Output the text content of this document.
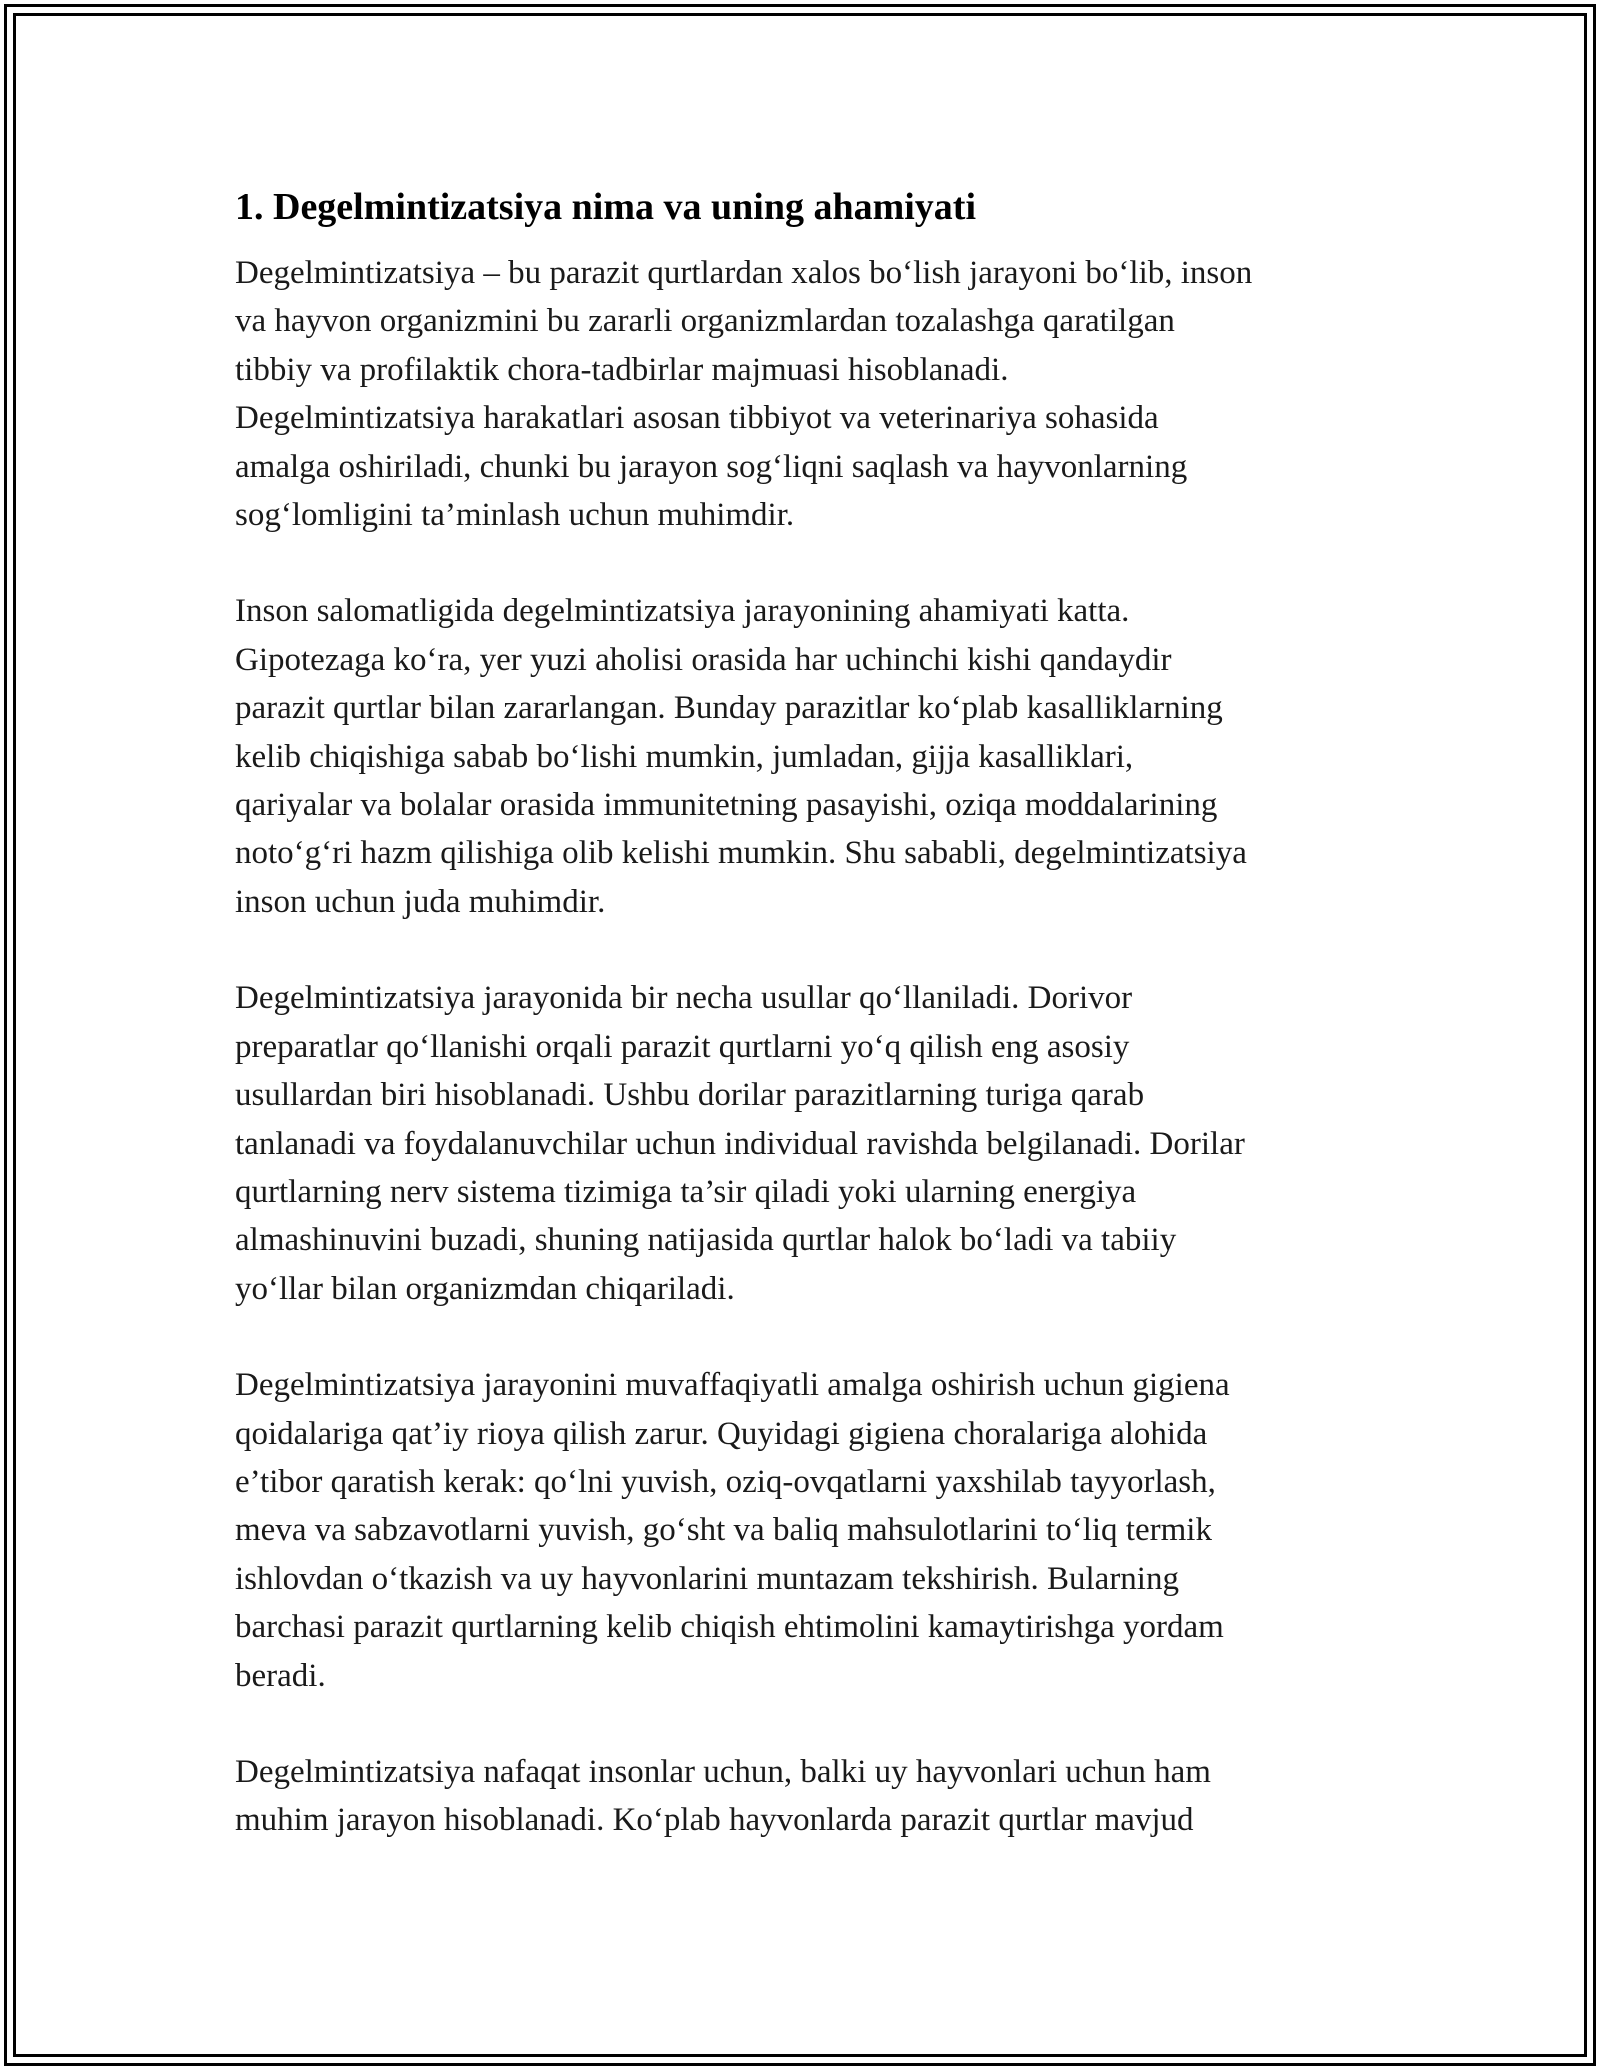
1. Degelmintizatsiya nima va uning ahamiyati
Degelmintizatsiya – bu parazit qurtlardan xalos bo‘lish jarayoni bo‘lib, inson
va hayvon organizmini bu zararli organizmlardan tozalashga qaratilgan
tibbiy va profilaktik chora-tadbirlar majmuasi hisoblanadi.
Degelmintizatsiya harakatlari asosan tibbiyot va veterinariya sohasida
amalga oshiriladi, chunki bu jarayon sog‘liqni saqlash va hayvonlarning
sog‘lomligini ta’minlash uchun muhimdir.
Inson salomatligida degelmintizatsiya jarayonining ahamiyati katta.
Gipotezaga ko‘ra, yer yuzi aholisi orasida har uchinchi kishi qandaydir
parazit qurtlar bilan zararlangan. Bunday parazitlar ko‘plab kasalliklarning
kelib chiqishiga sabab bo‘lishi mumkin, jumladan, gijja kasalliklari,
qariyalar va bolalar orasida immunitetning pasayishi, oziqa moddalarining
noto‘g‘ri hazm qilishiga olib kelishi mumkin. Shu sababli, degelmintizatsiya
inson uchun juda muhimdir.
Degelmintizatsiya jarayonida bir necha usullar qo‘llaniladi. Dorivor
preparatlar qo‘llanishi orqali parazit qurtlarni yo‘q qilish eng asosiy
usullardan biri hisoblanadi. Ushbu dorilar parazitlarning turiga qarab
tanlanadi va foydalanuvchilar uchun individual ravishda belgilanadi. Dorilar
qurtlarning nerv sistema tizimiga ta’sir qiladi yoki ularning energiya
almashinuvini buzadi, shuning natijasida qurtlar halok bo‘ladi va tabiiy
yo‘llar bilan organizmdan chiqariladi.
Degelmintizatsiya jarayonini muvaffaqiyatli amalga oshirish uchun gigiena
qoidalariga qat’iy rioya qilish zarur. Quyidagi gigiena choralariga alohida
e’tibor qaratish kerak: qo‘lni yuvish, oziq-ovqatlarni yaxshilab tayyorlash,
meva va sabzavotlarni yuvish, go‘sht va baliq mahsulotlarini to‘liq termik
ishlovdan o‘tkazish va uy hayvonlarini muntazam tekshirish. Bularning
barchasi parazit qurtlarning kelib chiqish ehtimolini kamaytirishga yordam
beradi.
Degelmintizatsiya nafaqat insonlar uchun, balki uy hayvonlari uchun ham
muhim jarayon hisoblanadi. Ko‘plab hayvonlarda parazit qurtlar mavjud
